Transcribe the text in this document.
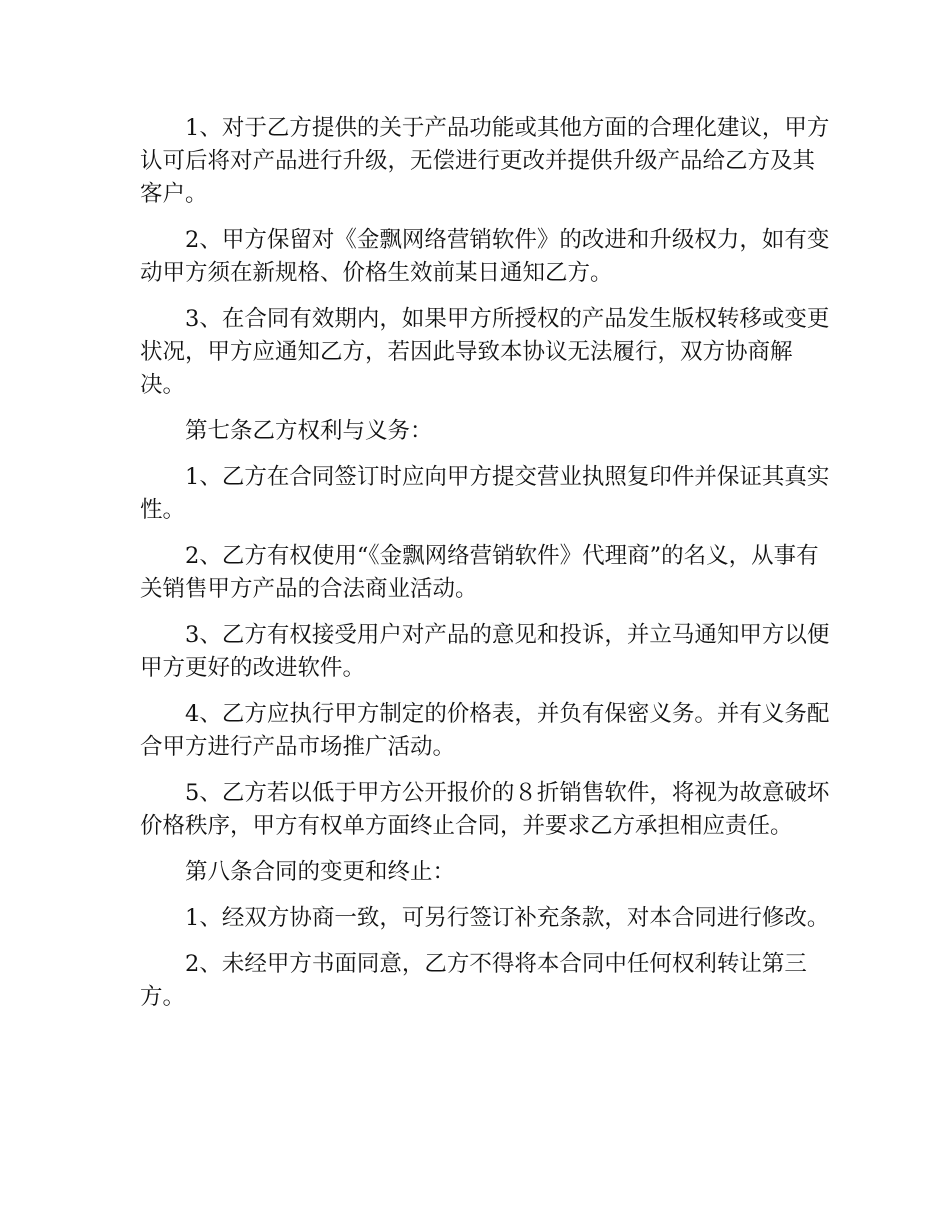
1、对于乙方提供的关于产品功能或其他方面的合理化建议，甲方认可后将对产品进行升级，无偿进行更改并提供升级产品给乙方及其客户。

2、甲方保留对《金飘网络营销软件》的改进和升级权力，如有变动甲方须在新规格、价格生效前某日通知乙方。

3、在合同有效期内，如果甲方所授权的产品发生版权转移或变更状况，甲方应通知乙方，若因此导致本协议无法履行，双方协商解决。

第七条乙方权利与义务：

1、乙方在合同签订时应向甲方提交营业执照复印件并保证其真实性。

2、乙方有权使用“《金飘网络营销软件》代理商”的名义，从事有关销售甲方产品的合法商业活动。

3、乙方有权接受用户对产品的意见和投诉，并立马通知甲方以便甲方更好的改进软件。

4、乙方应执行甲方制定的价格表，并负有保密义务。并有义务配合甲方进行产品市场推广活动。

5、乙方若以低于甲方公开报价的８折销售软件，将视为故意破坏价格秩序，甲方有权单方面终止合同，并要求乙方承担相应责任。

第八条合同的变更和终止：

1、经双方协商一致，可另行签订补充条款，对本合同进行修改。

2、未经甲方书面同意，乙方不得将本合同中任何权利转让第三方。
